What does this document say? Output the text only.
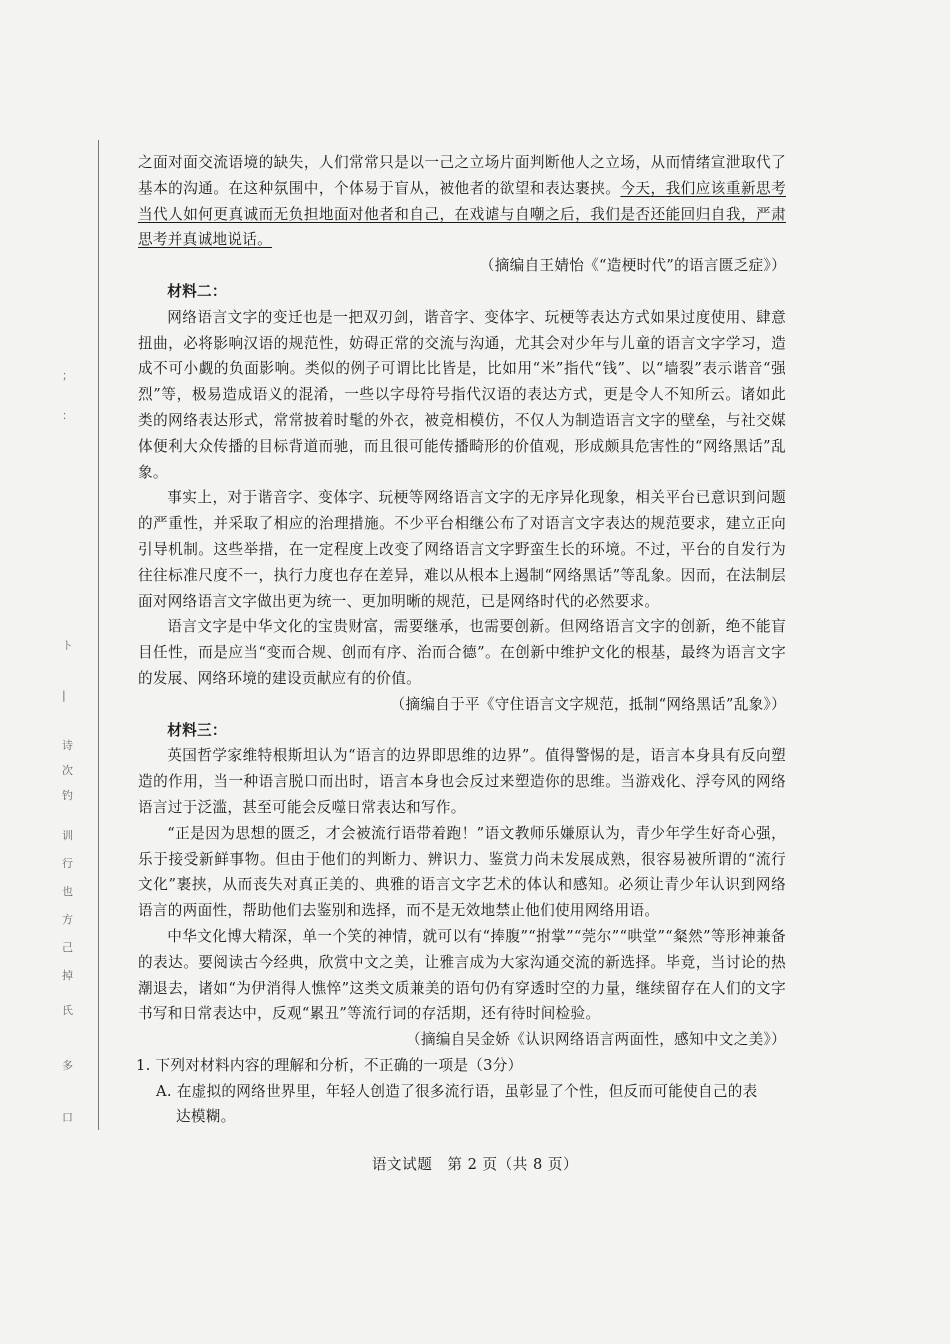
；
：
ト
|
诗
次
钓
训
行
也
方
己
掉
氏
多
口

之面对面交流语境的缺失，人们常常只是以一己之立场片面判断他人之立场，从而情绪宣泄取代了基本的沟通。在这种氛围中，个体易于盲从，被他者的欲望和表达裹挟。今天，我们应该重新思考当代人如何更真诚而无负担地面对他者和自己，在戏谑与自嘲之后，我们是否还能回归自我，严肃思考并真诚地说话。

（摘编自王婧怡《“造梗时代”的语言匮乏症》）

材料二：

网络语言文字的变迁也是一把双刃剑，谐音字、变体字、玩梗等表达方式如果过度使用、肆意扭曲，必将影响汉语的规范性，妨碍正常的交流与沟通，尤其会对少年与儿童的语言文字学习，造成不可小觑的负面影响。类似的例子可谓比比皆是，比如用“米”指代“钱”、以“墙裂”表示谐音“强烈”等，极易造成语义的混淆，一些以字母符号指代汉语的表达方式，更是令人不知所云。诸如此类的网络表达形式，常常披着时髦的外衣，被竞相模仿，不仅人为制造语言文字的壁垒，与社交媒体便利大众传播的目标背道而驰，而且很可能传播畸形的价值观，形成颇具危害性的“网络黑话”乱象。

事实上，对于谐音字、变体字、玩梗等网络语言文字的无序异化现象，相关平台已意识到问题的严重性，并采取了相应的治理措施。不少平台相继公布了对语言文字表达的规范要求，建立正向引导机制。这些举措，在一定程度上改变了网络语言文字野蛮生长的环境。不过，平台的自发行为往往标准尺度不一，执行力度也存在差异，难以从根本上遏制“网络黑话”等乱象。因而，在法制层面对网络语言文字做出更为统一、更加明晰的规范，已是网络时代的必然要求。

语言文字是中华文化的宝贵财富，需要继承，也需要创新。但网络语言文字的创新，绝不能盲目任性，而是应当“变而合规、创而有序、治而合德”。在创新中维护文化的根基，最终为语言文字的发展、网络环境的建设贡献应有的价值。

（摘编自于平《守住语言文字规范，抵制“网络黑话”乱象》）

材料三：

英国哲学家维特根斯坦认为“语言的边界即思维的边界”。值得警惕的是，语言本身具有反向塑造的作用，当一种语言脱口而出时，语言本身也会反过来塑造你的思维。当游戏化、浮夸风的网络语言过于泛滥，甚至可能会反噬日常表达和写作。

“正是因为思想的匮乏，才会被流行语带着跑！”语文教师乐嫌原认为，青少年学生好奇心强，乐于接受新鲜事物。但由于他们的判断力、辨识力、鉴赏力尚未发展成熟，很容易被所谓的“流行文化”裹挟，从而丧失对真正美的、典雅的语言文字艺术的体认和感知。必须让青少年认识到网络语言的两面性，帮助他们去鉴别和选择，而不是无效地禁止他们使用网络用语。

中华文化博大精深，单一个笑的神情，就可以有“捧腹”“拊掌”“莞尔”“哄堂”“粲然”等形神兼备的表达。要阅读古今经典，欣赏中文之美，让雅言成为大家沟通交流的新选择。毕竟，当讨论的热潮退去，诸如“为伊消得人憔悴”这类文质兼美的语句仍有穿透时空的力量，继续留存在人们的文字书写和日常表达中，反观“累丑”等流行词的存活期，还有待时间检验。

（摘编自吴金娇《认识网络语言两面性，感知中文之美》）

1. 下列对材料内容的理解和分析，不正确的一项是（3分）

A. 在虚拟的网络世界里，年轻人创造了很多流行语，虽彰显了个性，但反而可能使自己的表

达模糊。

语文试题　第 2 页（共 8 页）
